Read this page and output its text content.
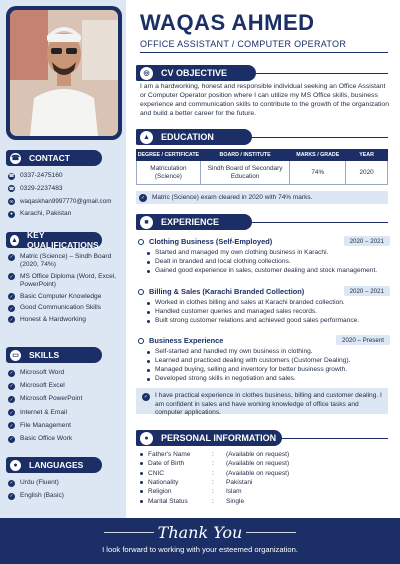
☎ CONTACT
☎ 0337-2475160
☎ 0329-2237483
✉ waqaskhan9997770@gmail.com
●	Karachi, Pakistan
▲ KEY QUALIFICATIONS
✓ Matric (Science) – Sindh Board (2020, 74%)
✓ MS Office Diploma (Word, Excel, PowerPoint)
✓ Basic Computer Knowledge
✓ Good Communication Skills
✓ Honest & Hardworking
▭ SKILLS
✓ Microsoft Word
✓ Microsoft Excel
✓ Microsoft PowerPoint
✓ Internet & Email
✓ File Management
✓ Basic Office Work
●	LANGUAGES
✓ Urdu (Fluent)
✓ English (Basic)
WAQAS AHMED
OFFICE ASSISTANT / COMPUTER OPERATOR
◎	CV OBJECTIVE
I am a hardworking, honest and responsible individual seeking an Office Assistant or Computer Operator position where I can utilize my MS Office skills, business experience and communication skills to contribute to the growth of the organization and build a better career for the future.
▲	EDUCATION
DEGREE / CERTIFICATE	BOARD / INSTITUTE	MARKS / GRADE	YEAR
Matriculation (Science)	Sindh Board of Secondary Education	74%	2020
✓ Matric (Science) exam cleared in 2020 with 74% marks.
■	EXPERIENCE
Clothing Business (Self-Employed)	2020 – 2021
Started and managed my own clothing business in Karachi.
Dealt in branded and local clothing collections.
Gained good experience in sales, customer dealing and stock management.
Billing & Sales (Karachi Branded Collection)	2020 – 2021
Worked in clothes billing and sales at Karachi branded collection.
Handled customer queries and managed sales records.
Built strong customer relations and achieved good sales performance.
Business Experience	2020 – Present
Self-started and handled my own business in clothing.
Learned and practiced dealing with customers (Customer Dealing).
Managed buying, selling and inventory for better business growth.
Developed strong skills in negotiation and sales.
✓ I have practical experience in clothes business, billing and customer dealing. I am confident in sales and have working knowledge of office tasks and computer applications.
●	PERSONAL INFORMATION
Father's Name	:	(Available on request)
Date of Birth	:	(Available on request)
CNIC	:	(Available on request)
Nationality	:	Pakistani
Religion	:	Islam
Marital Status	:	Single
Thank You
I look forward to working with your esteemed organization.
